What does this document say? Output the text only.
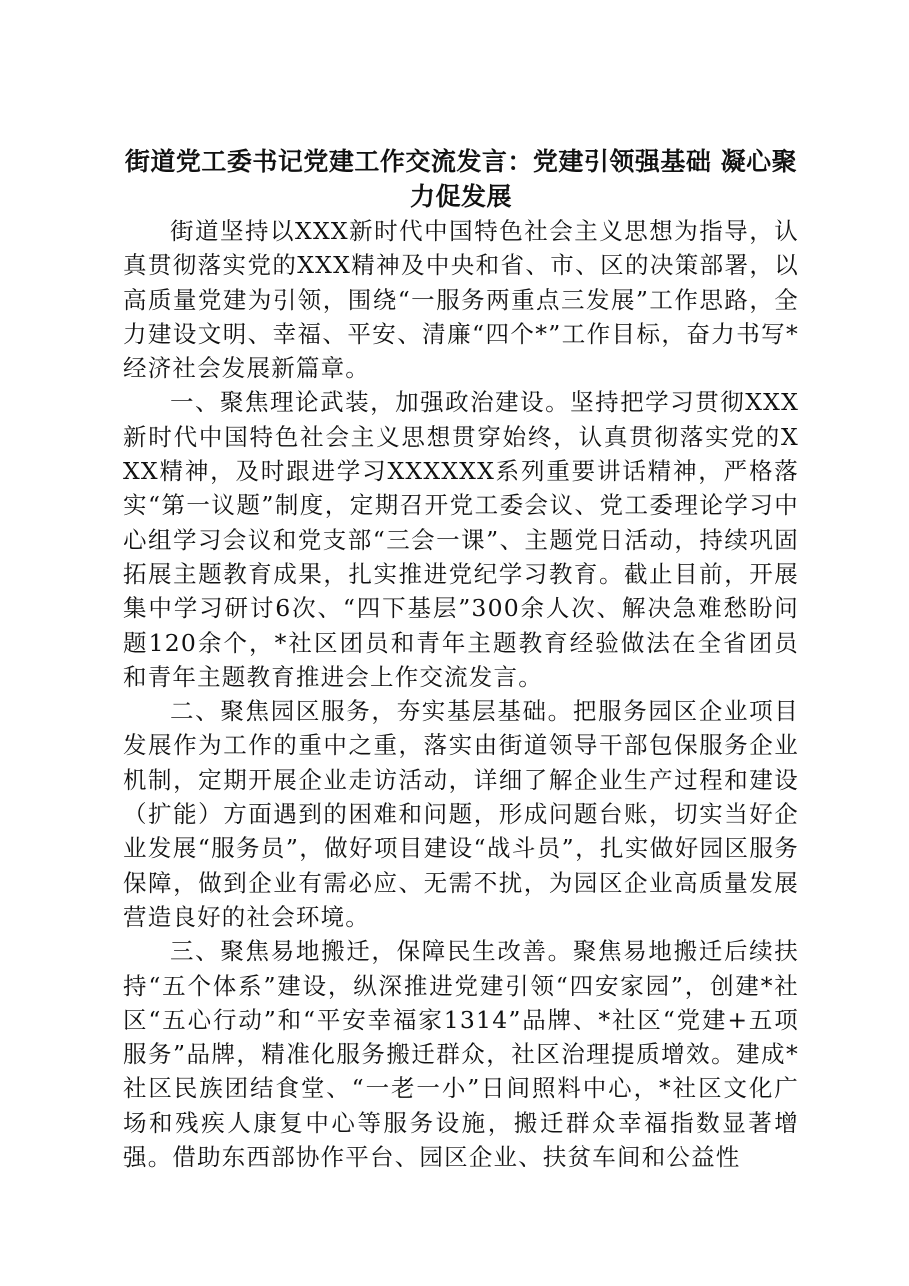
街道党工委书记党建工作交流发言：党建引领强基础 凝心聚力促发展

街道坚持以XXX新时代中国特色社会主义思想为指导，认真贯彻落实党的XXX精神及中央和省、市、区的决策部署，以高质量党建为引领，围绕“一服务两重点三发展”工作思路，全力建设文明、幸福、平安、清廉“四个*”工作目标，奋力书写*经济社会发展新篇章。

一、聚焦理论武装，加强政治建设。坚持把学习贯彻XXX新时代中国特色社会主义思想贯穿始终，认真贯彻落实党的XXX精神，及时跟进学习XXXXXX系列重要讲话精神，严格落实“第一议题”制度，定期召开党工委会议、党工委理论学习中心组学习会议和党支部“三会一课”、主题党日活动，持续巩固拓展主题教育成果，扎实推进党纪学习教育。截止目前，开展集中学习研讨6次、“四下基层”300余人次、解决急难愁盼问题120余个，*社区团员和青年主题教育经验做法在全省团员和青年主题教育推进会上作交流发言。

二、聚焦园区服务，夯实基层基础。把服务园区企业项目发展作为工作的重中之重，落实由街道领导干部包保服务企业机制，定期开展企业走访活动，详细了解企业生产过程和建设（扩能）方面遇到的困难和问题，形成问题台账，切实当好企业发展“服务员”，做好项目建设“战斗员”，扎实做好园区服务保障，做到企业有需必应、无需不扰，为园区企业高质量发展营造良好的社会环境。

三、聚焦易地搬迁，保障民生改善。聚焦易地搬迁后续扶持“五个体系”建设，纵深推进党建引领“四安家园”，创建*社区“五心行动”和“平安幸福家1314”品牌、*社区“党建+五项服务”品牌，精准化服务搬迁群众，社区治理提质增效。建成*社区民族团结食堂、“一老一小”日间照料中心，*社区文化广场和残疾人康复中心等服务设施，搬迁群众幸福指数显著增强。借助东西部协作平台、园区企业、扶贫车间和公益性
